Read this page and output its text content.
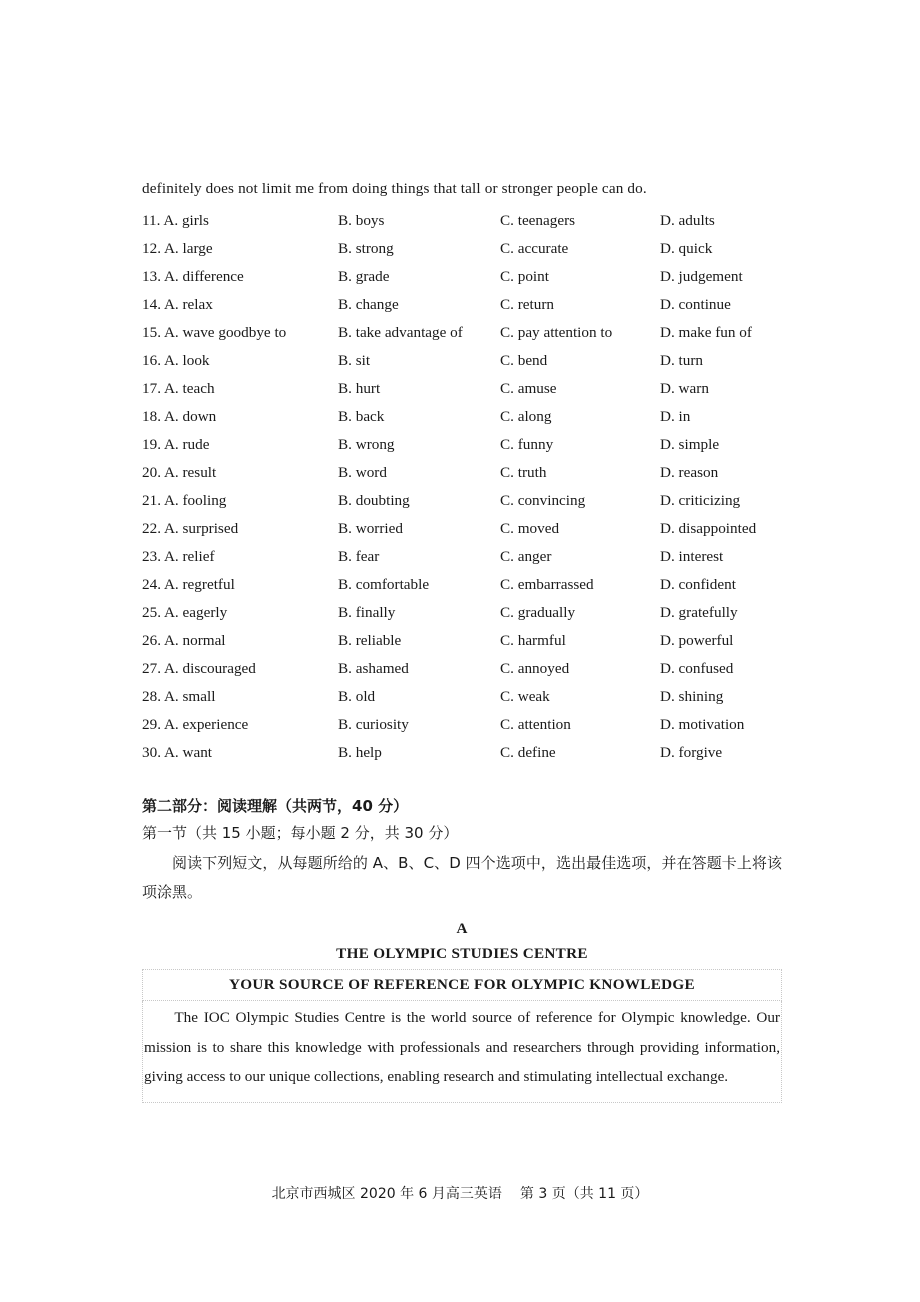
definitely does not limit me from doing things that tall or stronger people can do.
11. A. girls	B. boys	C. teenagers	D. adults
12. A. large	B. strong	C. accurate	D. quick
13. A. difference	B. grade	C. point	D. judgement
14. A. relax	B. change	C. return	D. continue
15. A. wave goodbye to	B. take advantage of C. pay attention to	D. make fun of
16. A. look	B. sit	C. bend	D. turn
17. A. teach	B. hurt	C. amuse	D. warn
18. A. down	B. back	C. along	D. in
19. A. rude	B. wrong	C. funny	D. simple
20. A. result	B. word	C. truth	D. reason
21. A. fooling	B. doubting	C. convincing	D. criticizing
22. A. surprised	B. worried	C. moved	D. disappointed
23. A. relief	B. fear	C. anger	D. interest
24. A. regretful	B. comfortable	C. embarrassed	D. confident
25. A. eagerly	B. finally	C. gradually	D. gratefully
26. A. normal	B. reliable	C. harmful	D. powerful
27. A. discouraged	B. ashamed	C. annoyed	D. confused
28. A. small	B. old	C. weak	D. shining
29. A. experience	B. curiosity	C. attention	D. motivation
30. A. want	B. help	C. define	D. forgive
第二部分：阅读理解（共两节，40 分）
第一节（共 15 小题；每小题 2 分，共 30 分）
阅读下列短文，从每题所给的 A、B、C、D 四个选项中，选出最佳选项，并在答题卡上将该项涂黑。
A
THE OLYMPIC STUDIES CENTRE
YOUR SOURCE OF REFERENCE FOR OLYMPIC KNOWLEDGE

The IOC Olympic Studies Centre is the world source of reference for Olympic knowledge. Our mission is to share this knowledge with professionals and researchers through providing information, giving access to our unique collections, enabling research and stimulating intellectual exchange.

北京市西城区 2020 年 6 月高三英语 第 3 页（共 11 页）
